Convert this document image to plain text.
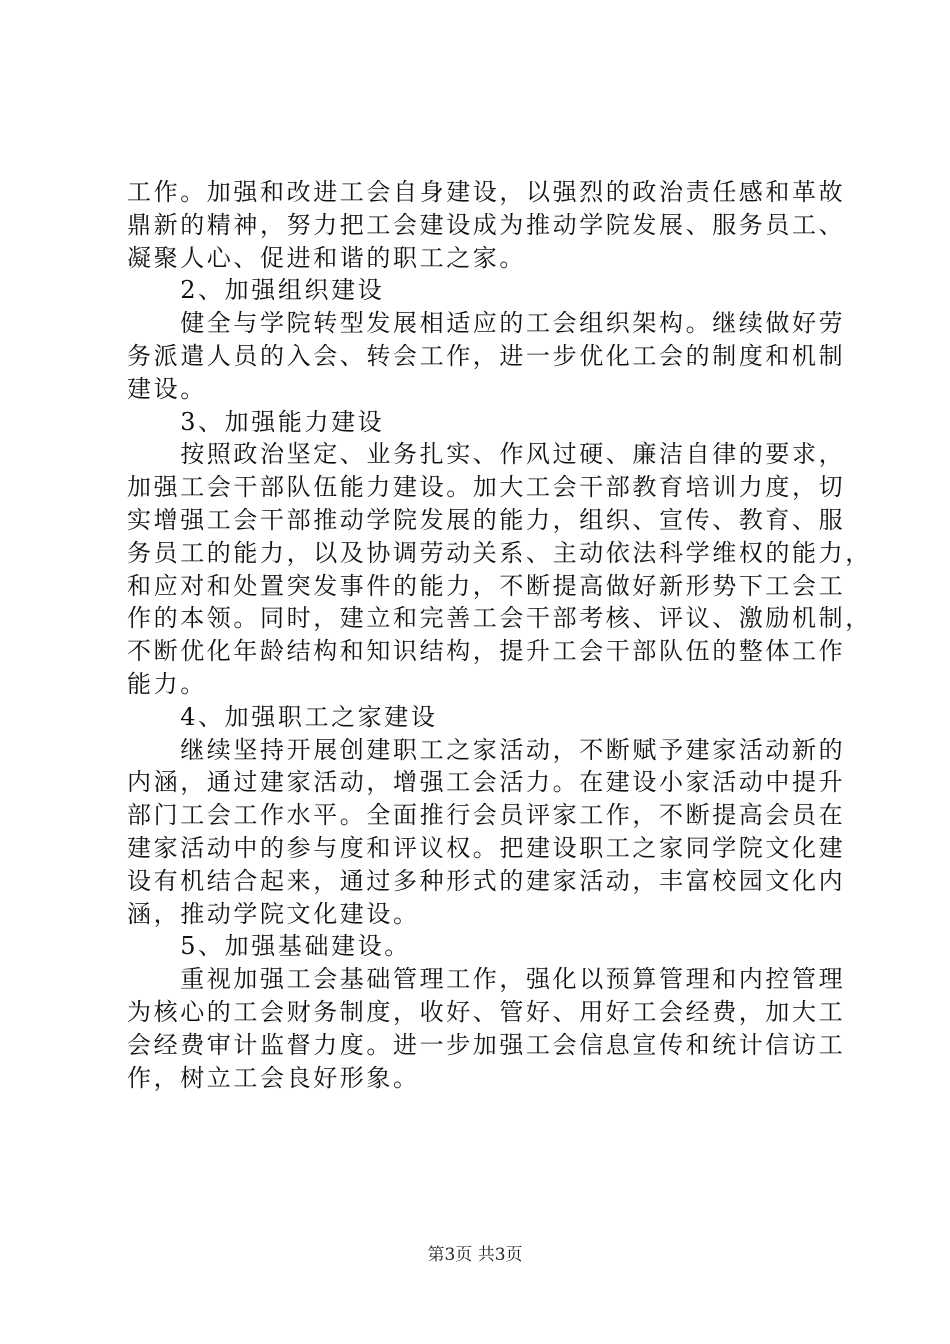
工作。加强和改进工会自身建设，以强烈的政治责任感和革故
鼎新的精神，努力把工会建设成为推动学院发展、服务员工、
凝聚人心、促进和谐的职工之家。
　　2、加强组织建设
　　健全与学院转型发展相适应的工会组织架构。继续做好劳
务派遣人员的入会、转会工作，进一步优化工会的制度和机制
建设。
　　3、加强能力建设
　　按照政治坚定、业务扎实、作风过硬、廉洁自律的要求，
加强工会干部队伍能力建设。加大工会干部教育培训力度，切
实增强工会干部推动学院发展的能力，组织、宣传、教育、服
务员工的能力，以及协调劳动关系、主动依法科学维权的能力，
和应对和处置突发事件的能力，不断提高做好新形势下工会工
作的本领。同时，建立和完善工会干部考核、评议、激励机制，
不断优化年龄结构和知识结构，提升工会干部队伍的整体工作
能力。
　　4、加强职工之家建设
　　继续坚持开展创建职工之家活动，不断赋予建家活动新的
内涵，通过建家活动，增强工会活力。在建设小家活动中提升
部门工会工作水平。全面推行会员评家工作，不断提高会员在
建家活动中的参与度和评议权。把建设职工之家同学院文化建
设有机结合起来，通过多种形式的建家活动，丰富校园文化内
涵，推动学院文化建设。
　　5、加强基础建设。
　　重视加强工会基础管理工作，强化以预算管理和内控管理
为核心的工会财务制度，收好、管好、用好工会经费，加大工
会经费审计监督力度。进一步加强工会信息宣传和统计信访工
作，树立工会良好形象。
第3页 共3页
